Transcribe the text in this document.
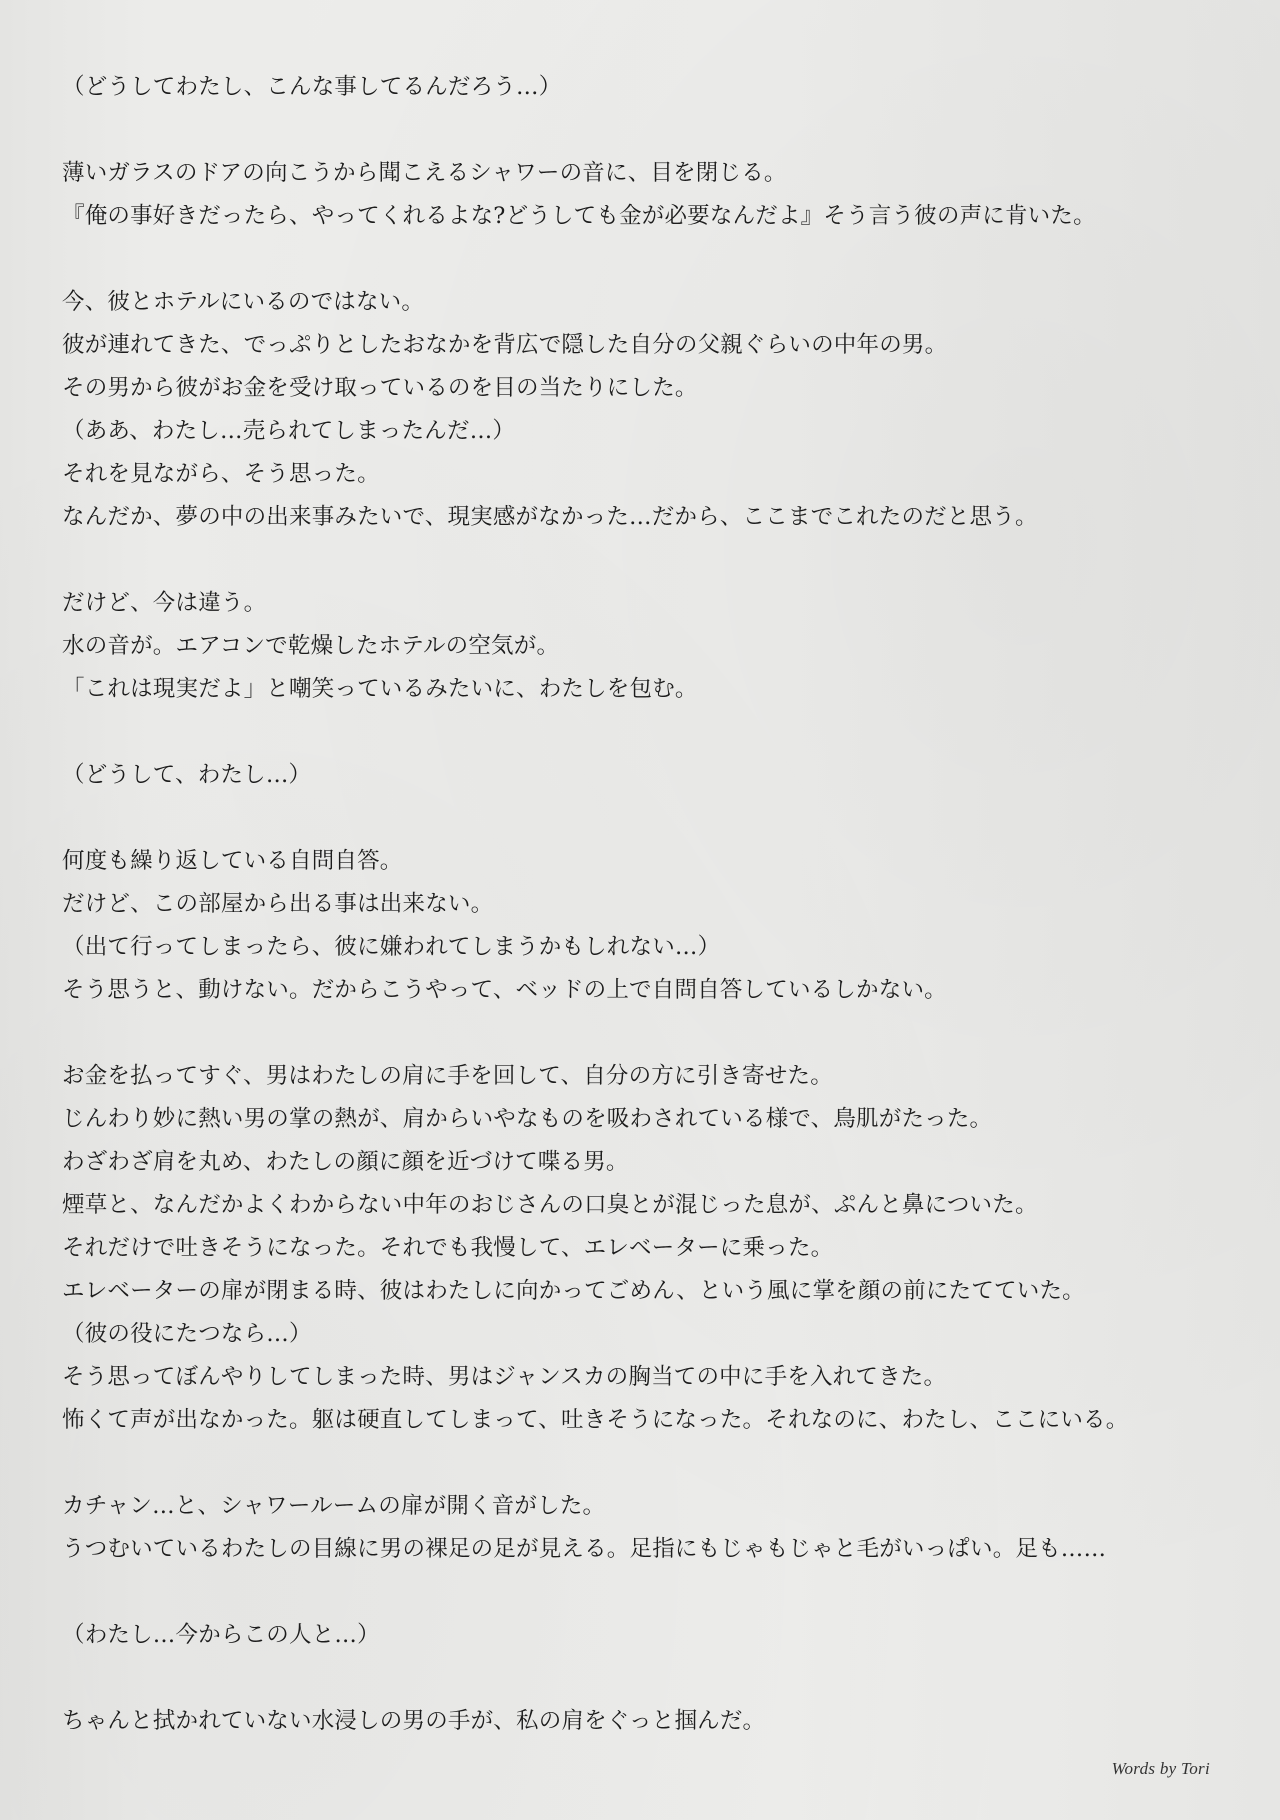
（どうしてわたし、こんな事してるんだろう…）
薄いガラスのドアの向こうから聞こえるシャワーの音に、目を閉じる。
『俺の事好きだったら、やってくれるよな?どうしても金が必要なんだよ』そう言う彼の声に肯いた。
今、彼とホテルにいるのではない。
彼が連れてきた、でっぷりとしたおなかを背広で隠した自分の父親ぐらいの中年の男。
その男から彼がお金を受け取っているのを目の当たりにした。
（ああ、わたし…売られてしまったんだ…）
それを見ながら、そう思った。
なんだか、夢の中の出来事みたいで、現実感がなかった…だから、ここまでこれたのだと思う。
だけど、今は違う。
水の音が。エアコンで乾燥したホテルの空気が。
「これは現実だよ」と嘲笑っているみたいに、わたしを包む。
（どうして、わたし…）
何度も繰り返している自問自答。
だけど、この部屋から出る事は出来ない。
（出て行ってしまったら、彼に嫌われてしまうかもしれない…）
そう思うと、動けない。だからこうやって、ベッドの上で自問自答しているしかない。
お金を払ってすぐ、男はわたしの肩に手を回して、自分の方に引き寄せた。
じんわり妙に熱い男の掌の熱が、肩からいやなものを吸わされている様で、鳥肌がたった。
わざわざ肩を丸め、わたしの顔に顔を近づけて喋る男。
煙草と、なんだかよくわからない中年のおじさんの口臭とが混じった息が、ぷんと鼻についた。
それだけで吐きそうになった。それでも我慢して、エレベーターに乗った。
エレベーターの扉が閉まる時、彼はわたしに向かってごめん、という風に掌を顔の前にたてていた。
（彼の役にたつなら…）
そう思ってぼんやりしてしまった時、男はジャンスカの胸当ての中に手を入れてきた。
怖くて声が出なかった。躯は硬直してしまって、吐きそうになった。それなのに、わたし、ここにいる。
カチャン…と、シャワールームの扉が開く音がした。
うつむいているわたしの目線に男の裸足の足が見える。足指にもじゃもじゃと毛がいっぱい。足も……
（わたし…今からこの人と…）
ちゃんと拭かれていない水浸しの男の手が、私の肩をぐっと掴んだ。
Words by Tori
